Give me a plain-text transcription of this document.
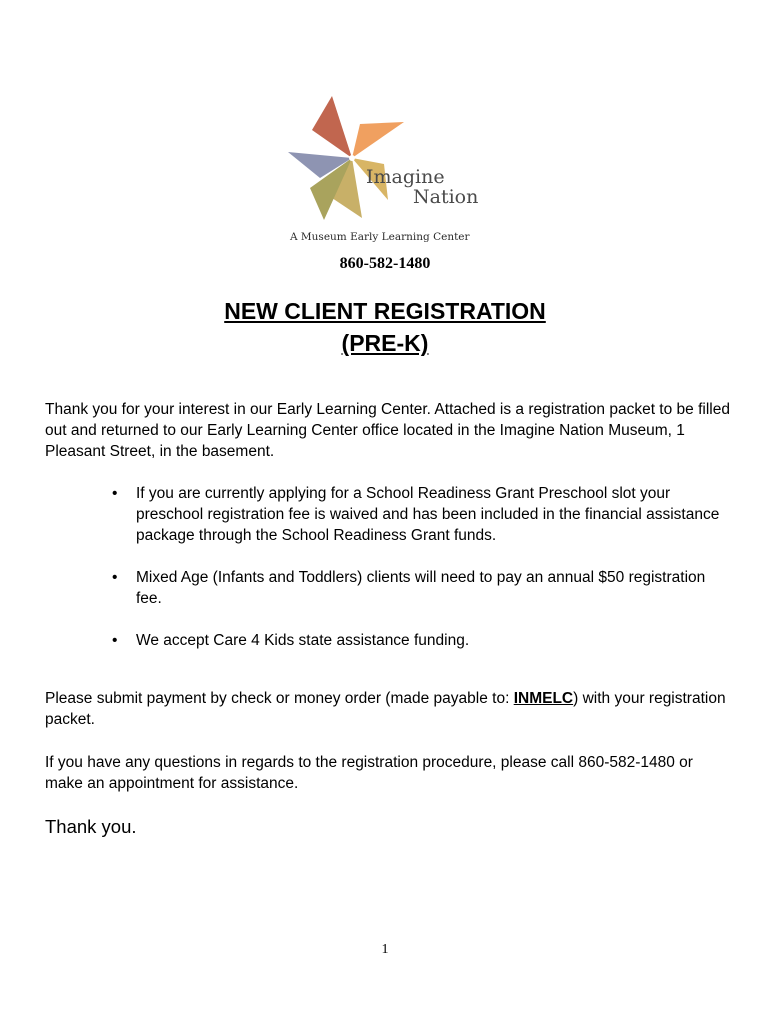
Imagine
Nation
A Museum Early Learning Center
860-582-1480
NEW CLIENT REGISTRATION
(PRE-K)
Thank you for your interest in our Early Learning Center. Attached is a registration packet to be filled out and returned to our Early Learning Center office located in the Imagine Nation Museum, 1 Pleasant Street, in the basement.
• If you are currently applying for a School Readiness Grant Preschool slot your preschool registration fee is waived and has been included in the financial assistance package through the School Readiness Grant funds.
• Mixed Age (Infants and Toddlers) clients will need to pay an annual $50 registration fee.
• We accept Care 4 Kids state assistance funding.
Please submit payment by check or money order (made payable to: INMELC) with your registration packet.
If you have any questions in regards to the registration procedure, please call 860-582-1480 or make an appointment for assistance.
Thank you.
1
